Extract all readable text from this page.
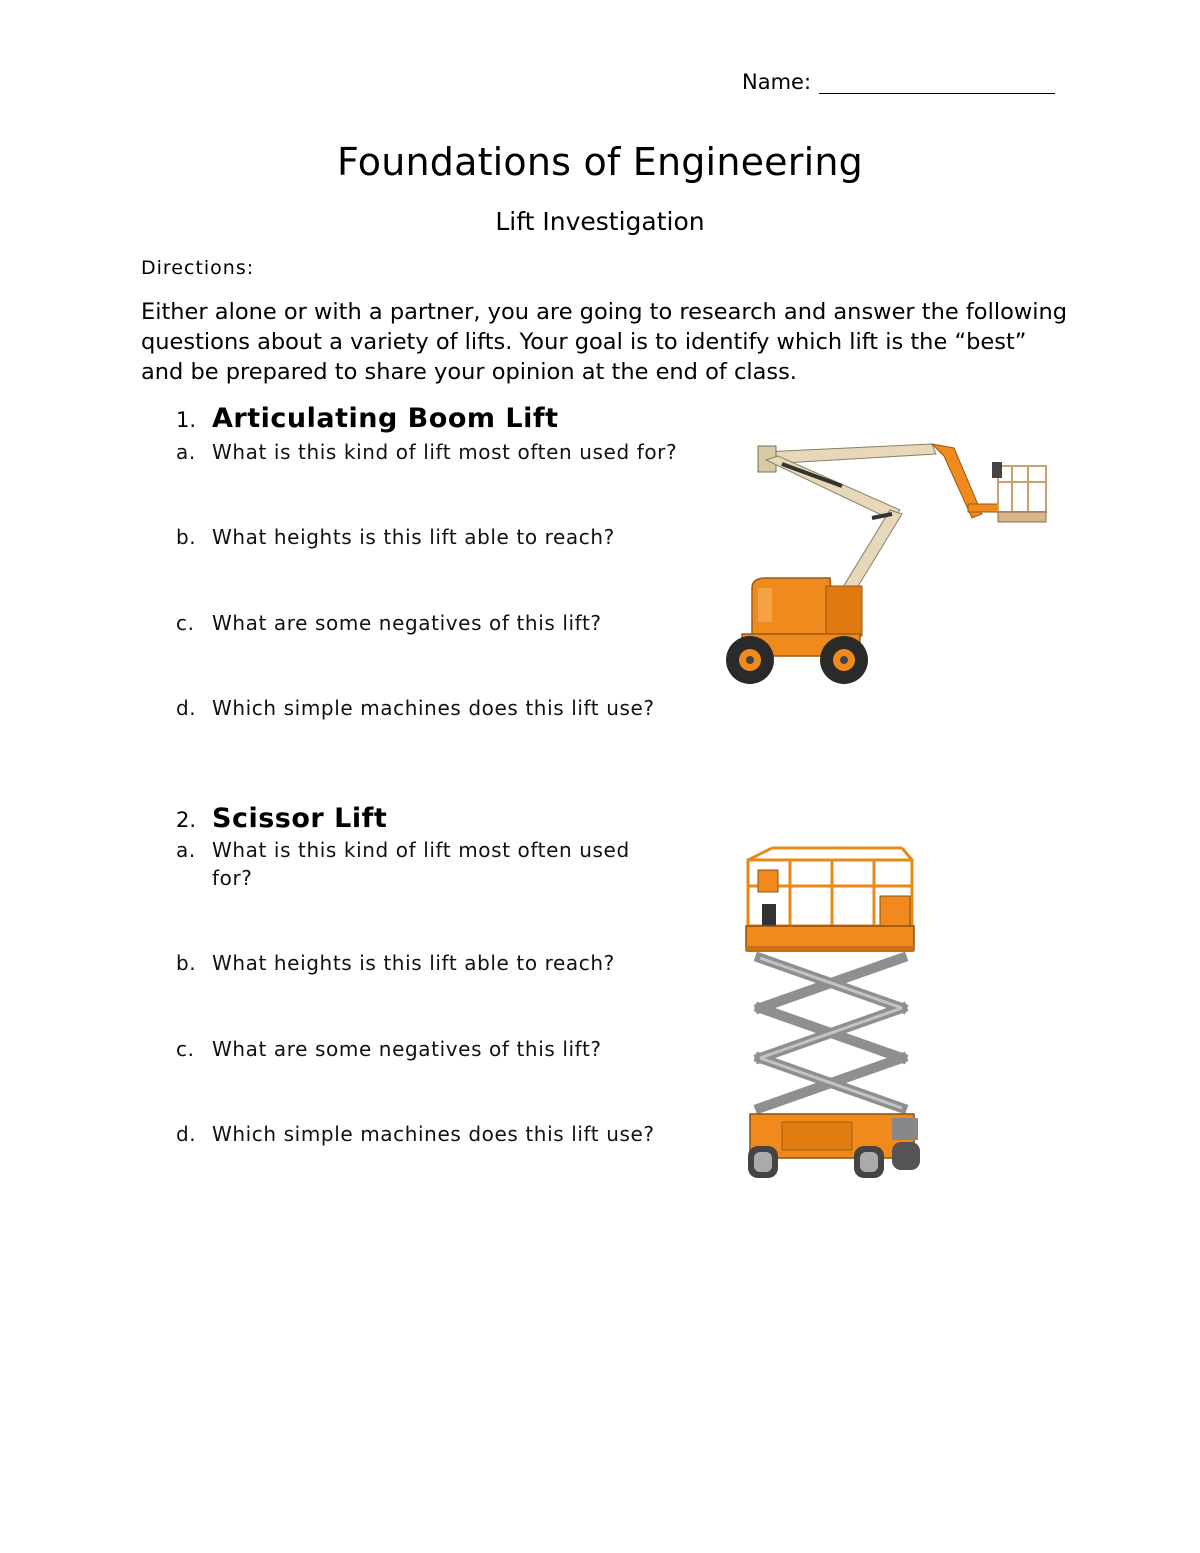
Name:
Foundations of Engineering
Lift Investigation
Directions:
Either alone or with a partner, you are going to research and answer the following questions about a variety of lifts. Your goal is to identify which lift is the “best” and be prepared to share your opinion at the end of class.
1. Articulating Boom Lift
a. What is this kind of lift most often used for?
b. What heights is this lift able to reach?
c. What are some negatives of this lift?
d. Which simple machines does this lift use?
2. Scissor Lift
a. What is this kind of lift most often used for?
b. What heights is this lift able to reach?
c. What are some negatives of this lift?
d. Which simple machines does this lift use?
